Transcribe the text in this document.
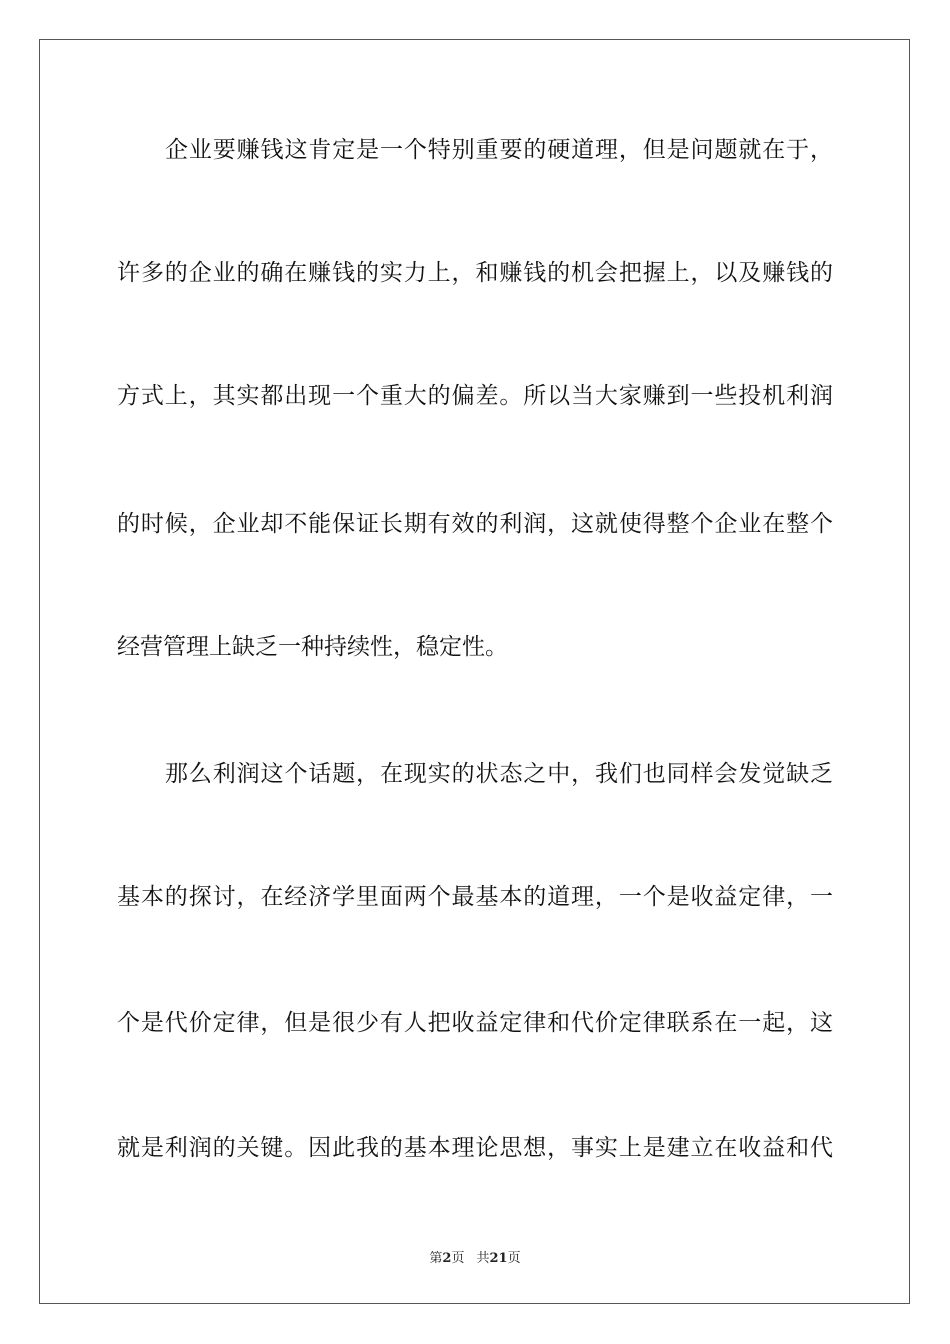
企业要赚钱这肯定是一个特别重要的硬道理，但是问题就在于，
许多的企业的确在赚钱的实力上，和赚钱的机会把握上，以及赚钱的
方式上，其实都出现一个重大的偏差。所以当大家赚到一些投机利润
的时候，企业却不能保证长期有效的利润，这就使得整个企业在整个
经营管理上缺乏一种持续性，稳定性。
那么利润这个话题，在现实的状态之中，我们也同样会发觉缺乏
基本的探讨，在经济学里面两个最基本的道理，一个是收益定律，一
个是代价定律，但是很少有人把收益定律和代价定律联系在一起，这
就是利润的关键。因此我的基本理论思想，事实上是建立在收益和代
第2页 共21页
